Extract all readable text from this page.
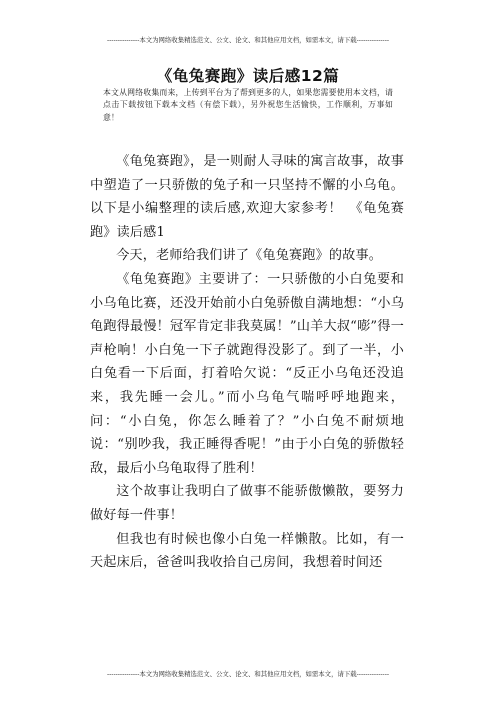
---------------本文为网络收集精选范文、公文、论文、和其他应用文档，如需本文，请下载---------------
《龟兔赛跑》读后感12篇
本文从网络收集而来，上传到平台为了帮到更多的人，如果您需要使用本文档，请点击下载按钮下载本文档（有偿下载），另外祝您生活愉快，工作顺利，万事如意！

《龟兔赛跑》，是一则耐人寻味的寓言故事，故事中塑造了一只骄傲的兔子和一只坚持不懈的小乌龟。以下是小编整理的读后感,欢迎大家参考！　《龟兔赛跑》读后感1

今天，老师给我们讲了《龟兔赛跑》的故事。

《龟兔赛跑》主要讲了：一只骄傲的小白兔要和小乌龟比赛，还没开始前小白兔骄傲自满地想：“小乌龟跑得最慢！冠军肯定非我莫属！”山羊大叔“嘭”得一声枪响！小白兔一下子就跑得没影了。到了一半，小白兔看一下后面，打着哈欠说：“反正小乌龟还没追来，我先睡一会儿。”而小乌龟气喘呼呼地跑来，问：“小白兔，你怎么睡着了？”小白兔不耐烦地说：“别吵我，我正睡得香呢！”由于小白兔的骄傲轻敌，最后小乌龟取得了胜利！

这个故事让我明白了做事不能骄傲懒散，要努力做好每一件事！

但我也有时候也像小白兔一样懒散。比如，有一天起床后，爸爸叫我收拾自己房间，我想着时间还

---------------本文为网络收集精选范文、公文、论文、和其他应用文档，如需本文，请下载---------------
